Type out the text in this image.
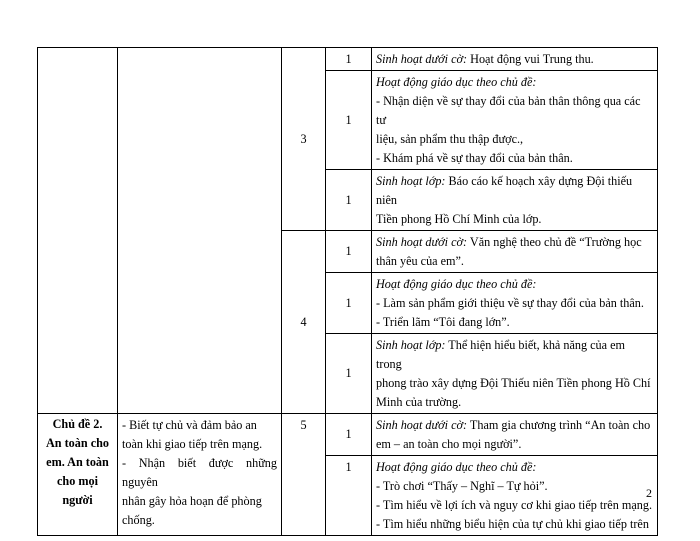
		3	1	Sinh hoạt dưới cờ: Hoạt động vui Trung thu.
			1	Hoạt động giáo dục theo chủ đề:
- Nhận diện về sự thay đổi của bản thân thông qua các tư
liệu, sản phẩm thu thập được.,
- Khám phá về sự thay đổi của bản thân.

			1	Sinh hoạt lớp: Báo cáo kế hoạch xây dựng Đội thiếu niên
Tiền phong Hồ Chí Minh của lớp.

		4	1	Sinh hoạt dưới cờ: Văn nghệ theo chủ đề “Trường học
thân yêu của em”.

			1	Hoạt động giáo dục theo chủ đề:
- Làm sản phẩm giới thiệu về sự thay đổi của bản thân.
- Triển lãm “Tôi đang lớn”.

			1	Sinh hoạt lớp: Thể hiện hiểu biết, khả năng của em trong
phong trào xây dựng Đội Thiếu niên Tiền phong Hồ Chí
Minh của trường.

Chủ đề 2.
An toàn cho
em. An toàn
cho mọi
người	- Biết tự chủ và đảm bảo an
toàn khi giao tiếp trên mạng.
- Nhận biết được những nguyên
nhân gây hỏa hoạn để phòng
chống.	5	1	Sinh hoạt dưới cờ: Tham gia chương trình “An toàn cho
em – an toàn cho mọi người”.

			1	Hoạt động giáo dục theo chủ đề:
- Trò chơi “Thấy – Nghĩ – Tự hỏi”.
- Tìm hiểu về lợi ích và nguy cơ khi giao tiếp trên mạng.
- Tìm hiểu những biểu hiện của tự chủ khi giao tiếp trên
2
